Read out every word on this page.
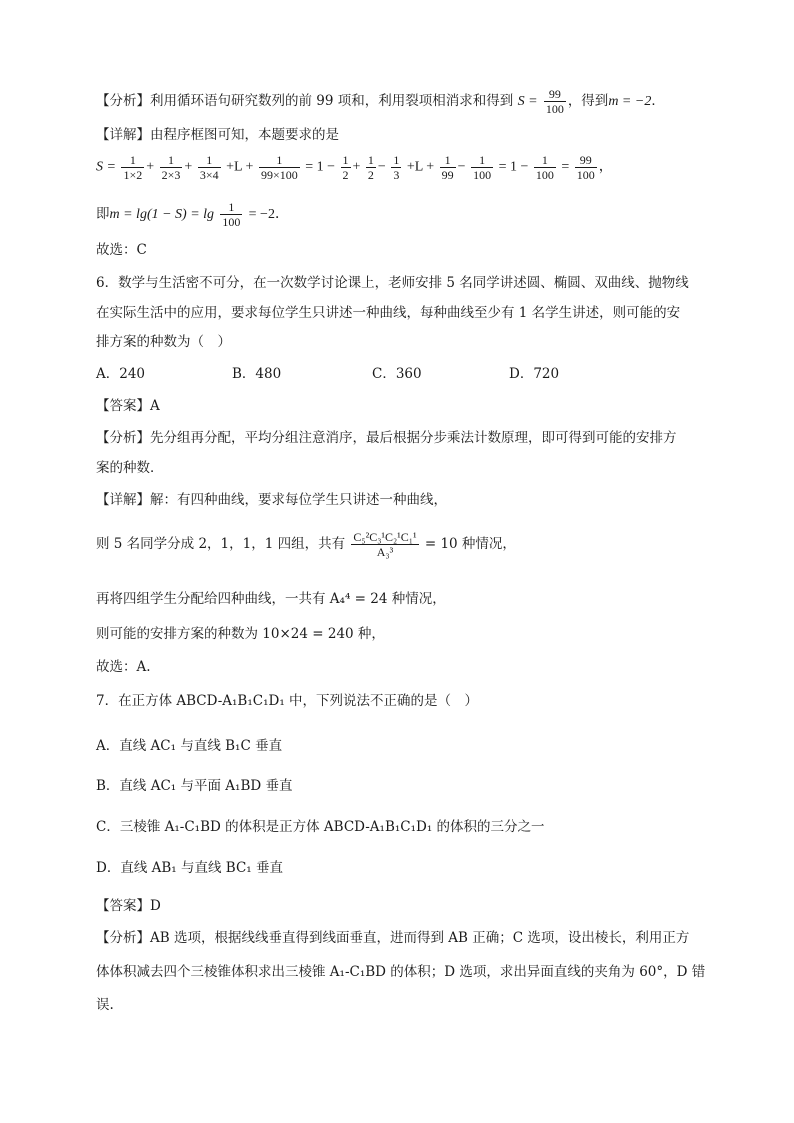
【分析】利用循环语句研究数列的前 99 项和，利用裂项相消求和得到 $S = \frac{99}{100}$ ，得到m = −2．
【详解】由程序框图可知，本题要求的是
$S = \frac{1}{1\times 2} + \frac{1}{2\times 3} + \frac{1}{3\times 4} +L + \frac{1}{99\times 100} = 1 - \frac{1}{2} + \frac{1}{2} - \frac{1}{3} +L + \frac{1}{99} - \frac{1}{100} = 1 - \frac{1}{100} = \frac{99}{100}$ ，
即$m = \lg(1 - S) = \lg \frac{1}{100} = -2$．
故选：C
6．数学与生活密不可分，在一次数学讨论课上，老师安排 5 名同学讲述圆、椭圆、双曲线、抛物线
在实际生活中的应用，要求每位学生只讲述一种曲线，每种曲线至少有 1 名学生讲述，则可能的安
排方案的种数为（　）
A．240	B．480	C．360	D．720
【答案】A
【分析】先分组再分配，平均分组注意消序，最后根据分步乘法计数原理，即可得到可能的安排方
案的种数．
【详解】解：有四种曲线，要求每位学生只讲述一种曲线，
则 5 名同学分成 2，1，1，1 四组，共有 $\frac{\text{C₅²C₃¹C₂¹C₁¹}}{\text{A₃³}} = 10$ 种情况，
再将四组学生分配给四种曲线，一共有 A₄⁴ = 24 种情况，
则可能的安排方案的种数为 10×24 = 240 种，
故选：A.
7．在正方体 ABCD-A₁B₁C₁D₁ 中，下列说法不正确的是（　）
A．直线 AC₁ 与直线 B₁C 垂直
B．直线 AC₁ 与平面 A₁BD 垂直
C．三棱锥 A₁-C₁BD 的体积是正方体 ABCD-A₁B₁C₁D₁ 的体积的三分之一
D．直线 AB₁ 与直线 BC₁ 垂直
【答案】D
【分析】AB 选项，根据线线垂直得到线面垂直，进而得到 AB 正确；C 选项，设出棱长，利用正方
体体积减去四个三棱锥体积求出三棱锥 A₁-C₁BD 的体积；D 选项，求出异面直线的夹角为 60°，D 错
误.
